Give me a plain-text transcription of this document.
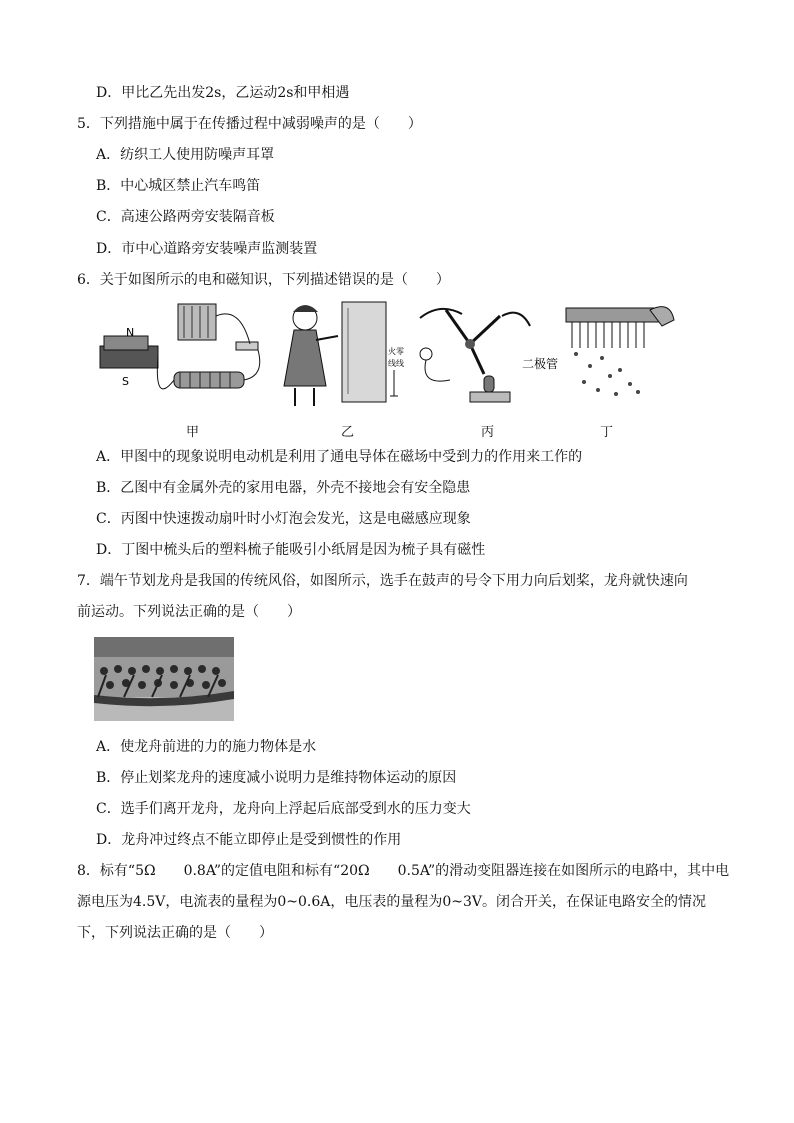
D．甲比乙先出发2s，乙运动2s和甲相遇
5．下列措施中属于在传播过程中减弱噪声的是（　　）
A．纺织工人使用防噪声耳罩
B．中心城区禁止汽车鸣笛
C．高速公路两旁安装隔音板
D．市中心道路旁安装噪声监测装置
6．关于如图所示的电和磁知识，下列描述错误的是（　　）
N
S
火 零
线线	二极管
甲	乙	丙	丁
A．甲图中的现象说明电动机是利用了通电导体在磁场中受到力的作用来工作的
B．乙图中有金属外壳的家用电器，外壳不接地会有安全隐患
C．丙图中快速拨动扇叶时小灯泡会发光，这是电磁感应现象
D．丁图中梳头后的塑料梳子能吸引小纸屑是因为梳子具有磁性
7．端午节划龙舟是我国的传统风俗，如图所示，选手在鼓声的号令下用力向后划桨，龙舟就快速向
前运动。下列说法正确的是（　　）
A．使龙舟前进的力的施力物体是水
B．停止划桨龙舟的速度减小说明力是维持物体运动的原因
C．选手们离开龙舟，龙舟向上浮起后底部受到水的压力变大
D．龙舟冲过终点不能立即停止是受到惯性的作用
8．标有“5Ω　　0.8A”的定值电阻和标有“20Ω　　0.5A”的滑动变阻器连接在如图所示的电路中，其中电
源电压为4.5V，电流表的量程为0~0.6A，电压表的量程为0~3V。闭合开关，在保证电路安全的情况
下，下列说法正确的是（　　）
